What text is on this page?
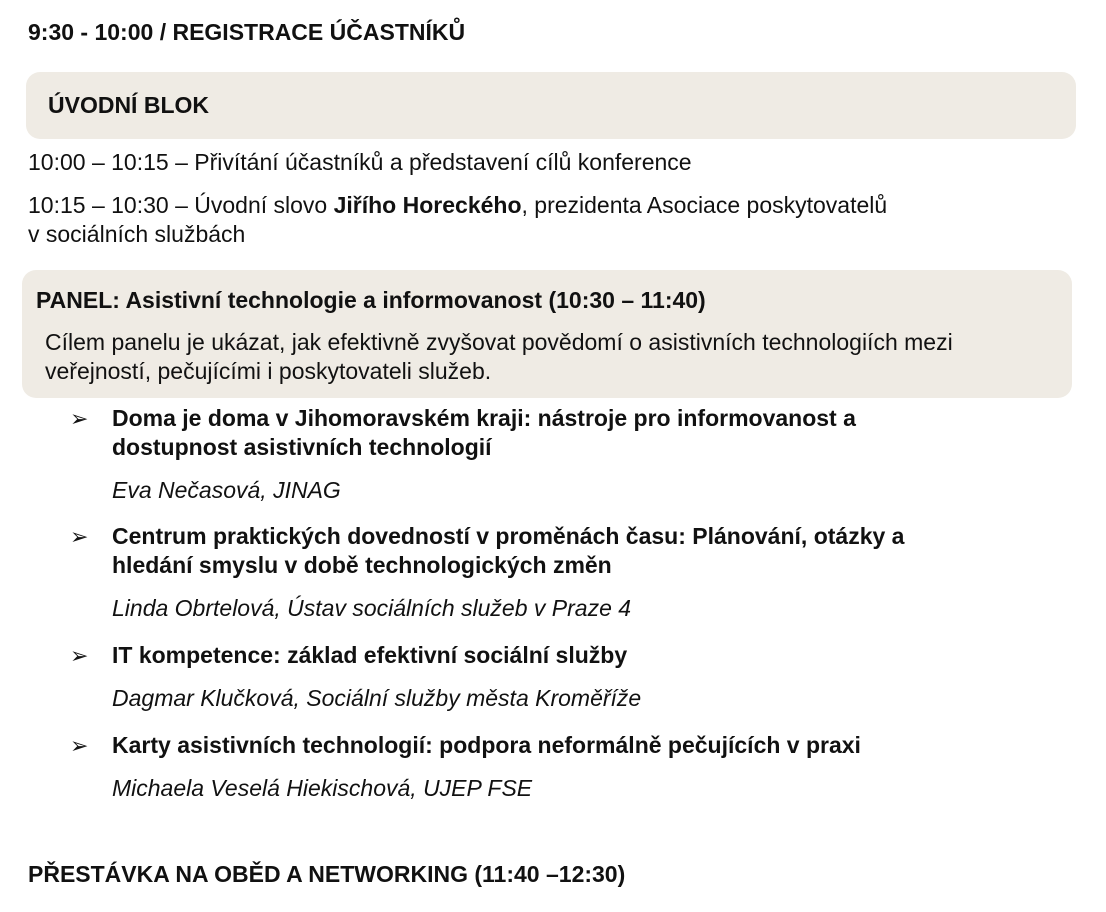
9:30 - 10:00 / REGISTRACE ÚČASTNÍKŮ
ÚVODNÍ BLOK
10:00 – 10:15 – Přivítání účastníků a představení cílů konference
10:15 – 10:30 – Úvodní slovo Jiřího Horeckého, prezidenta Asociace poskytovatelů
v sociálních službách
PANEL: Asistivní technologie a informovanost (10:30 – 11:40)
Cílem panelu je ukázat, jak efektivně zvyšovat povědomí o asistivních technologiích mezi
veřejností, pečujícími i poskytovateli služeb.
➢ Doma je doma v Jihomoravském kraji: nástroje pro informovanost a
dostupnost asistivních technologií
Eva Nečasová, JINAG
➢ Centrum praktických dovedností v proměnách času: Plánování, otázky a
hledání smyslu v době technologických změn
Linda Obrtelová, Ústav sociálních služeb v Praze 4
➢ IT kompetence: základ efektivní sociální služby
Dagmar Klučková, Sociální služby města Kroměříže
➢ Karty asistivních technologií: podpora neformálně pečujících v praxi
Michaela Veselá Hiekischová, UJEP FSE
PŘESTÁVKA NA OBĚD A NETWORKING (11:40 –12:30)
